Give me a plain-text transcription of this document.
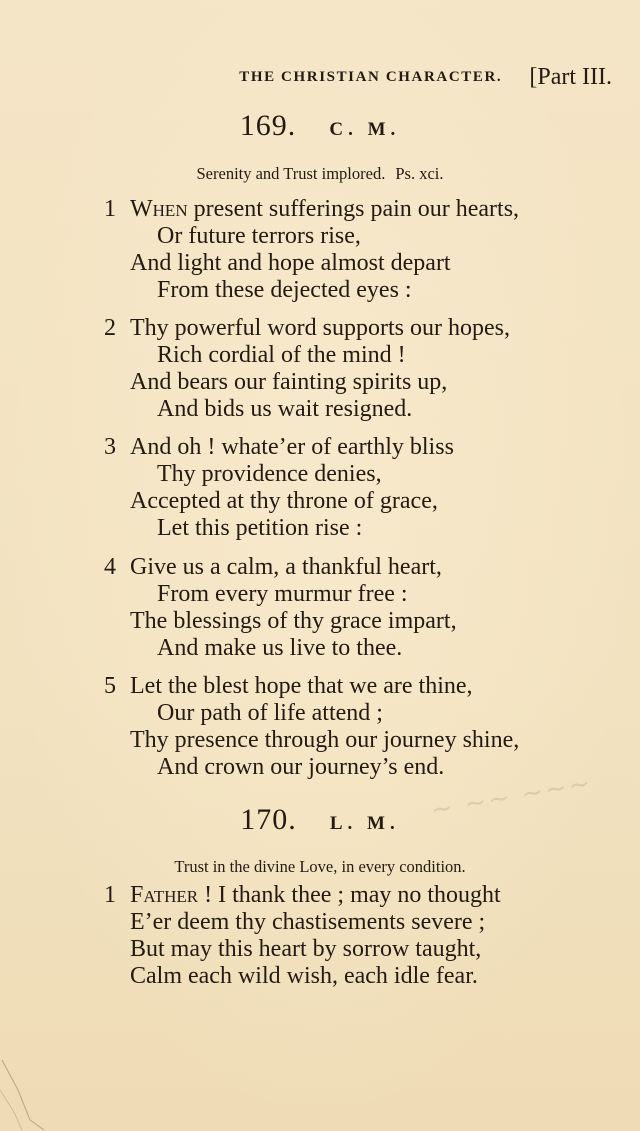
THE CHRISTIAN CHARACTER. [Part III.
169. C. M.
Serenity and Trust implored. Ps. xci.
1 When present sufferings pain our hearts,
Or future terrors rise,
And light and hope almost depart
From these dejected eyes :
2 Thy powerful word supports our hopes,
Rich cordial of the mind !
And bears our fainting spirits up,
And bids us wait resigned.
3 And oh ! whate’er of earthly bliss
Thy providence denies,
Accepted at thy throne of grace,
Let this petition rise :
4 Give us a calm, a thankful heart,
From every murmur free :
The blessings of thy grace impart,
And make us live to thee.
5 Let the blest hope that we are thine,
Our path of life attend ;
Thy presence through our journey shine,
And crown our journey’s end.
~ ~~ ~~~
170. L. M.
Trust in the divine Love, in every condition.
1 Father ! I thank thee ; may no thought
E’er deem thy chastisements severe ;
But may this heart by sorrow taught,
Calm each wild wish, each idle fear.
